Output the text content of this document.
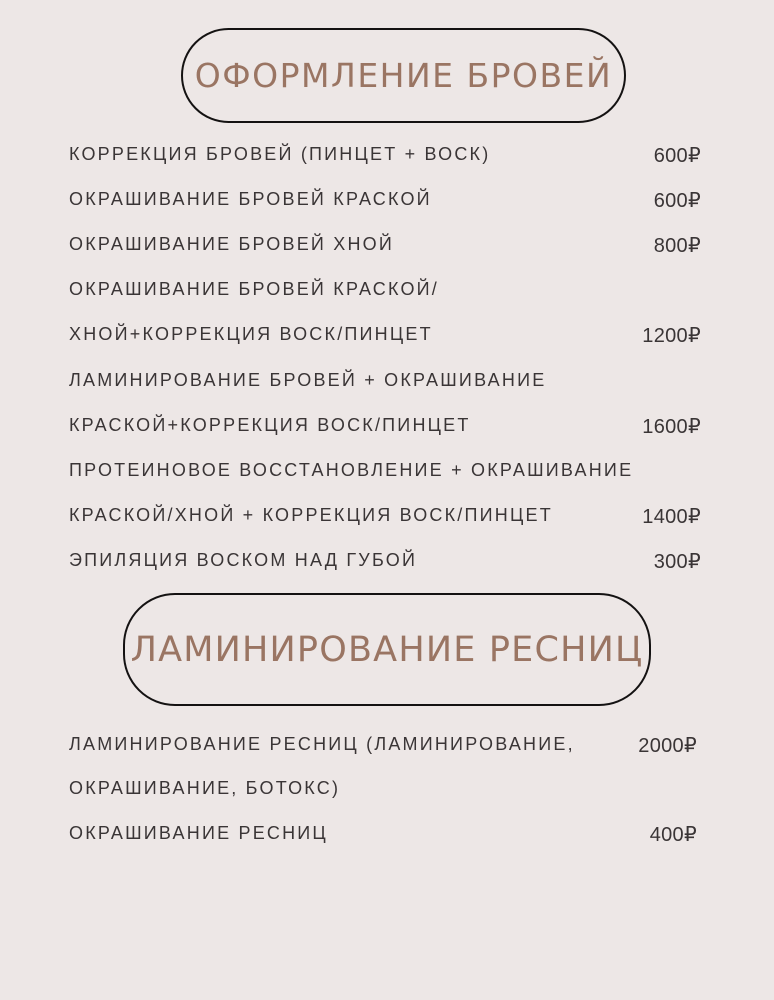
ОФОРМЛЕНИЕ БРОВЕЙ
КОРРЕКЦИЯ БРОВЕЙ (ПИНЦЕТ + ВОСК)	600₽
ОКРАШИВАНИЕ БРОВЕЙ КРАСКОЙ	600₽
ОКРАШИВАНИЕ БРОВЕЙ ХНОЙ	800₽
ОКРАШИВАНИЕ БРОВЕЙ КРАСКОЙ/
ХНОЙ+КОРРЕКЦИЯ ВОСК/ПИНЦЕТ	1200₽
ЛАМИНИРОВАНИЕ БРОВЕЙ + ОКРАШИВАНИЕ
КРАСКОЙ+КОРРЕКЦИЯ ВОСК/ПИНЦЕТ	1600₽
ПРОТЕИНОВОЕ ВОССТАНОВЛЕНИЕ + ОКРАШИВАНИЕ
КРАСКОЙ/ХНОЙ + КОРРЕКЦИЯ ВОСК/ПИНЦЕТ	1400₽
ЭПИЛЯЦИЯ ВОСКОМ НАД ГУБОЙ	300₽
ЛАМИНИРОВАНИЕ РЕСНИЦ
ЛАМИНИРОВАНИЕ РЕСНИЦ (ЛАМИНИРОВАНИЕ,	2000₽
ОКРАШИВАНИЕ, БОТОКС)
ОКРАШИВАНИЕ РЕСНИЦ	400₽
